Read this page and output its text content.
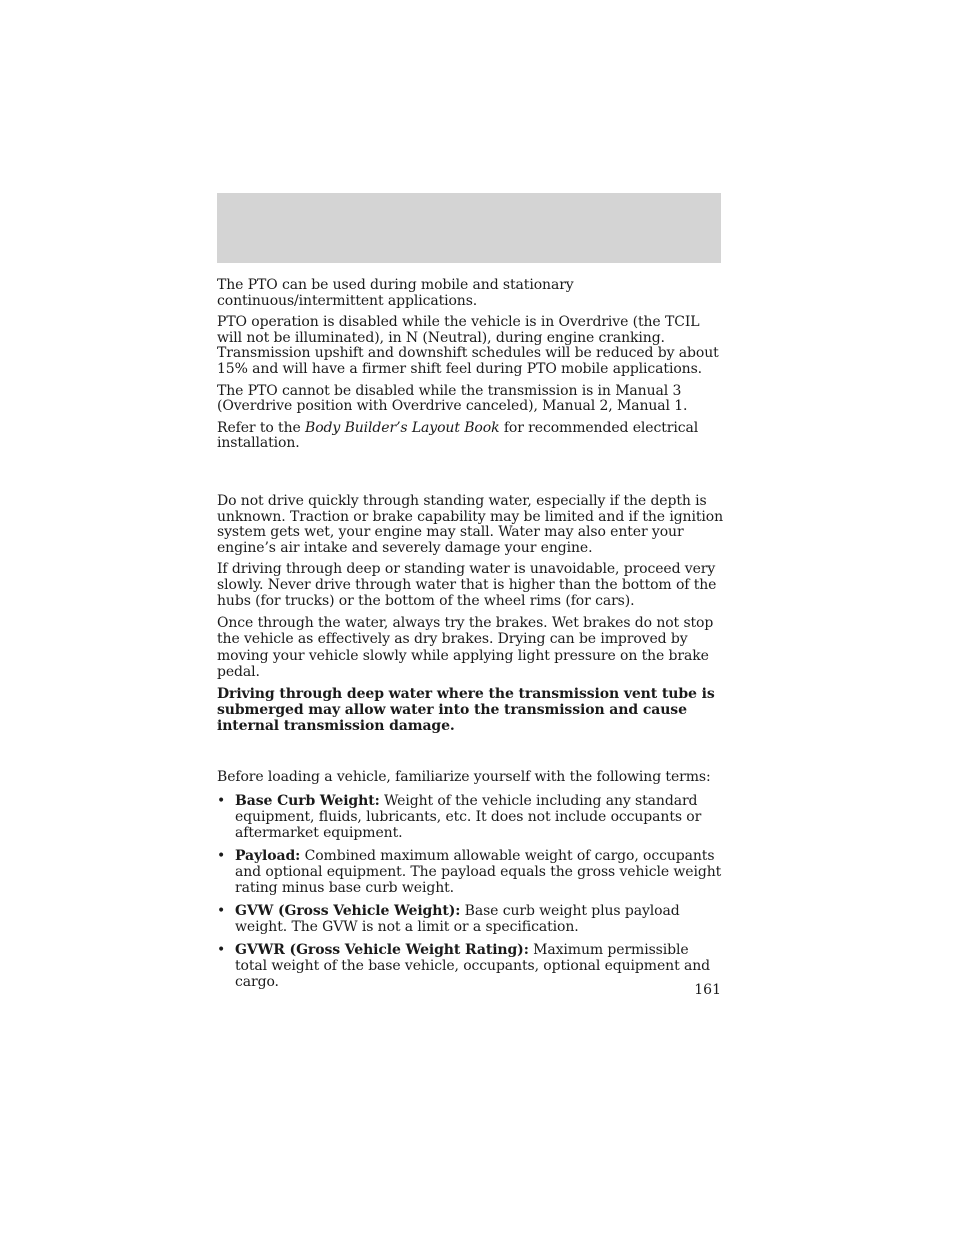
The PTO can be used during mobile and stationary continuous/intermittent applications.

PTO operation is disabled while the vehicle is in Overdrive (the TCIL will not be illuminated), in N (Neutral), during engine cranking. Transmission upshift and downshift schedules will be reduced by about 15% and will have a firmer shift feel during PTO mobile applications.

The PTO cannot be disabled while the transmission is in Manual 3 (Overdrive position with Overdrive canceled), Manual 2, Manual 1.

Refer to the Body Builder’s Layout Book for recommended electrical installation.

Do not drive quickly through standing water, especially if the depth is unknown. Traction or brake capability may be limited and if the ignition system gets wet, your engine may stall. Water may also enter your engine’s air intake and severely damage your engine.

If driving through deep or standing water is unavoidable, proceed very slowly. Never drive through water that is higher than the bottom of the hubs (for trucks) or the bottom of the wheel rims (for cars).

Once through the water, always try the brakes. Wet brakes do not stop the vehicle as effectively as dry brakes. Drying can be improved by moving your vehicle slowly while applying light pressure on the brake pedal.

Driving through deep water where the transmission vent tube is submerged may allow water into the transmission and cause internal transmission damage.

Before loading a vehicle, familiarize yourself with the following terms:

• Base Curb Weight: Weight of the vehicle including any standard equipment, fluids, lubricants, etc. It does not include occupants or aftermarket equipment.
• Payload: Combined maximum allowable weight of cargo, occupants and optional equipment. The payload equals the gross vehicle weight rating minus base curb weight.
• GVW (Gross Vehicle Weight): Base curb weight plus payload weight. The GVW is not a limit or a specification.
• GVWR (Gross Vehicle Weight Rating): Maximum permissible total weight of the base vehicle, occupants, optional equipment and cargo.
161
